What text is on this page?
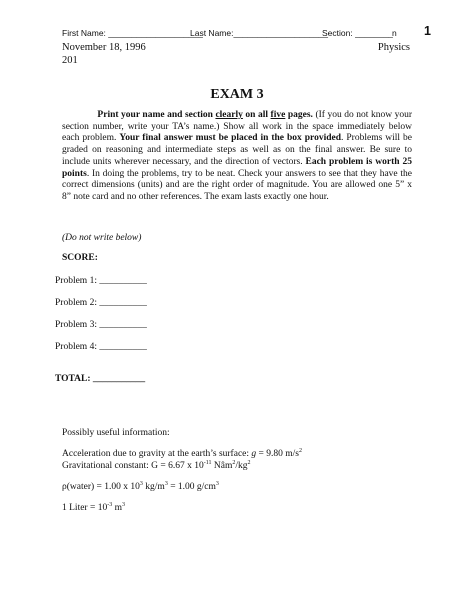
First Name: ____________________
Last Name:____________________
Section: ________ n 1
November 18, 1996
201
Physics
EXAM 3
Print your name and section clearly on all five pages. (If you do not know your section number, write your TA’s name.) Show all work in the space immediately below each problem. Your final answer must be placed in the box provided. Problems will be graded on reasoning and intermediate steps as well as on the final answer. Be sure to include units wherever necessary, and the direction of vectors. Each problem is worth 25 points. In doing the problems, try to be neat. Check your answers to see that they have the correct dimensions (units) and are the right order of magnitude. You are allowed one 5” x 8” note card and no other references. The exam lasts exactly one hour.
(Do not write below)
SCORE:
Problem 1: __________
Problem 2: __________
Problem 3: __________
Problem 4: __________
TOTAL: ___________
Possibly useful information:
Acceleration due to gravity at the earth’s surface: g = 9.80 $m/s^2$
Gravitational constant: G = 6.67 x $10^{-11}$ $Nâm^2/kg^2$
ρ(water) = 1.00 x $10^3$ $kg/m^3 = 1.00$ $g/cm^3$
1 Liter = $10^{-3}$ $m^3$
